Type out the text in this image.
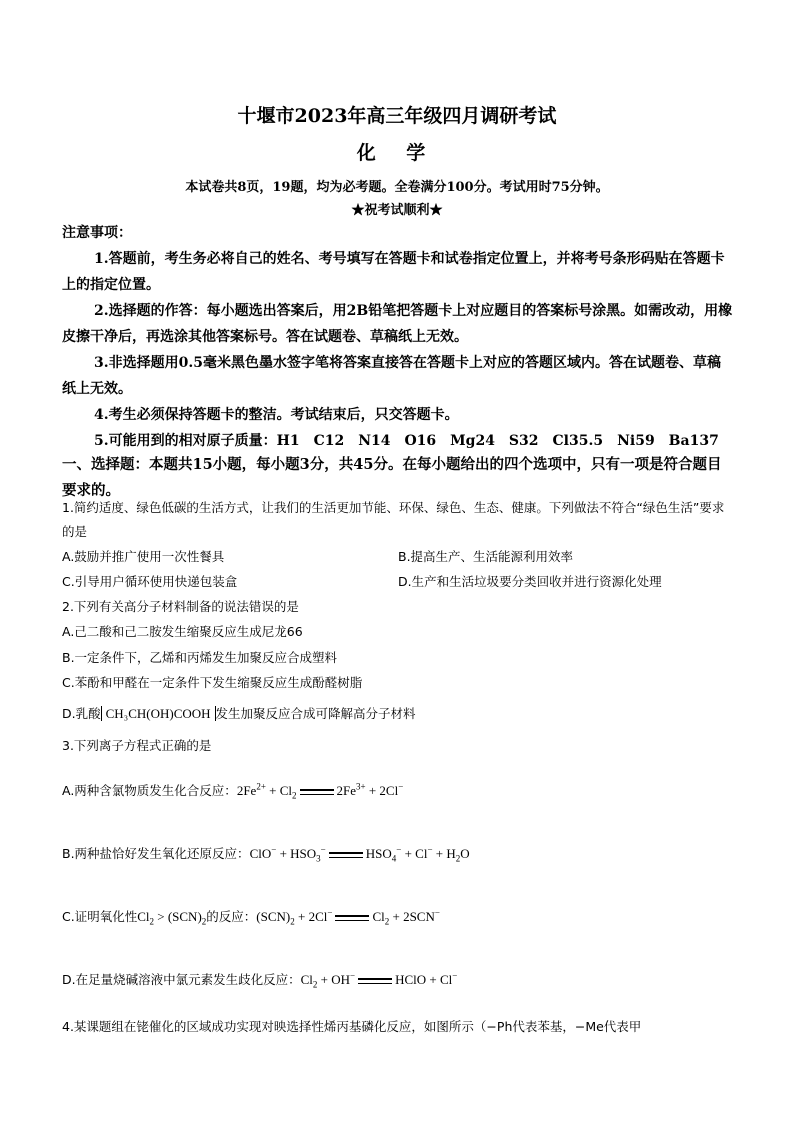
十堰市2023年高三年级四月调研考试
化 学
本试卷共8页，19题，均为必考题。全卷满分100分。考试用时75分钟。
★祝考试顺利★
注意事项：
1.答题前，考生务必将自己的姓名、考号填写在答题卡和试卷指定位置上，并将考号条形码贴在答题卡上的指定位置。
2.选择题的作答：每小题选出答案后，用2B铅笔把答题卡上对应题目的答案标号涂黑。如需改动，用橡皮擦干净后，再选涂其他答案标号。答在试题卷、草稿纸上无效。
3.非选择题用0.5毫米黑色墨水签字笔将答案直接答在答题卡上对应的答题区域内。答在试题卷、草稿纸上无效。
4.考生必须保持答题卡的整洁。考试结束后，只交答题卡。
5.可能用到的相对原子质量：H1　C12　N14　O16　Mg24　S32　Cl35.5　Ni59　Ba137
一、选择题：本题共15小题，每小题3分，共45分。在每小题给出的四个选项中，只有一项是符合题目要求的。
1.简约适度、绿色低碳的生活方式，让我们的生活更加节能、环保、绿色、生态、健康。下列做法不符合“绿色生活”要求的是
A.鼓励并推广使用一次性餐具	B.提高生产、生活能源利用效率
C.引导用户循环使用快递包装盒	D.生产和生活垃圾要分类回收并进行资源化处理
2.下列有关高分子材料制备的说法错误的是
A.己二酸和己二胺发生缩聚反应生成尼龙66
B.一定条件下，乙烯和丙烯发生加聚反应合成塑料
C.苯酚和甲醛在一定条件下发生缩聚反应生成酚醛树脂
D.乳酸 CH₃CH(OH)COOH 发生加聚反应合成可降解高分子材料
3.下列离子方程式正确的是
A.两种含氯物质发生化合反应：$2Fe^{2+} + Cl_2$	$2Fe^{3+} + 2Cl^-$
B.两种盐恰好发生氧化还原反应：$ClO^- + HSO_3^-$	$HSO_4^- + Cl^- + H_2O$
C.证明氧化性$Cl_2 > (SCN)_2$的反应：$(SCN)_2 + 2Cl^-$	$Cl_2 + 2SCN^-$
D.在足量烧碱溶液中氯元素发生歧化反应：$Cl_2 + OH^-$	HClO + Cl−
4.某课题组在铑催化的区域成功实现对映选择性烯丙基磷化反应，如图所示（−Ph代表苯基，−Me代表甲
